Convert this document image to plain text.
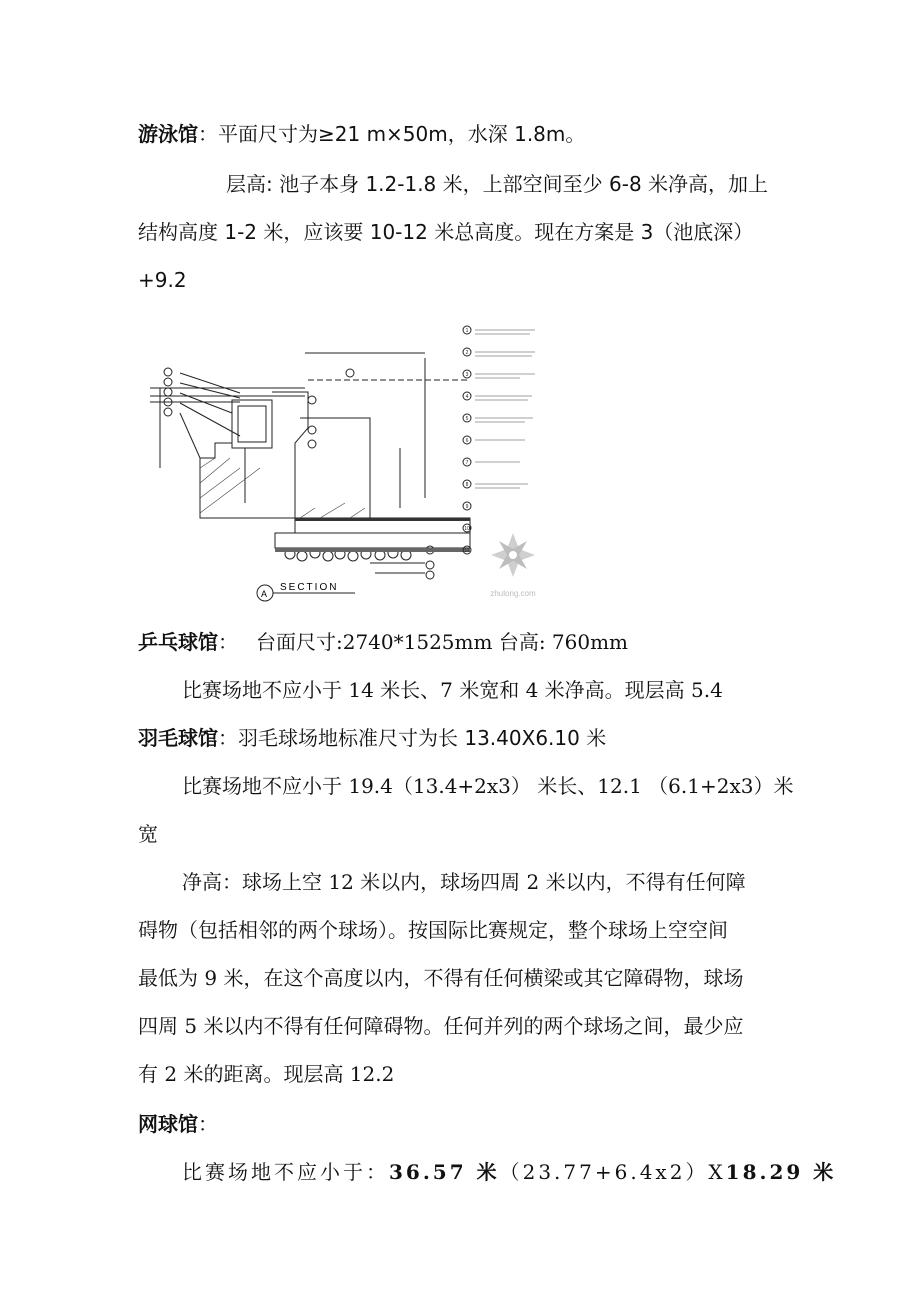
游泳馆：平面尺寸为≥21 m×50m，水深 1.8m。
层高: 池子本身 1.2-1.8 米，上部空间至少 6-8 米净高，加上
结构高度 1-2 米，应该要 10-12 米总高度。现在方案是 3（池底深）
+9.2
A
SECTION
1
2
3
4
5
6
7
8
9
10
11
zhulong.com
乒乓球馆： 台面尺寸:2740*1525mm 台高: 760mm
比赛场地不应小于 14 米长、7 米宽和 4 米净高。现层高 5.4
羽毛球馆：羽毛球场地标准尺寸为长 13.40X6.10 米
比赛场地不应小于 19.4（13.4+2x3） 米长、12.1 （6.1+2x3）米
宽
净高：球场上空 12 米以内，球场四周 2 米以内，不得有任何障
碍物（包括相邻的两个球场）。按国际比赛规定，整个球场上空空间
最低为 9 米，在这个高度以内，不得有任何横梁或其它障碍物，球场
四周 5 米以内不得有任何障碍物。任何并列的两个球场之间，最少应
有 2 米的距离。现层高 12.2
网球馆：
比赛场地不应小于：36.57 米（23.77+6.4x2）X18.29 米
